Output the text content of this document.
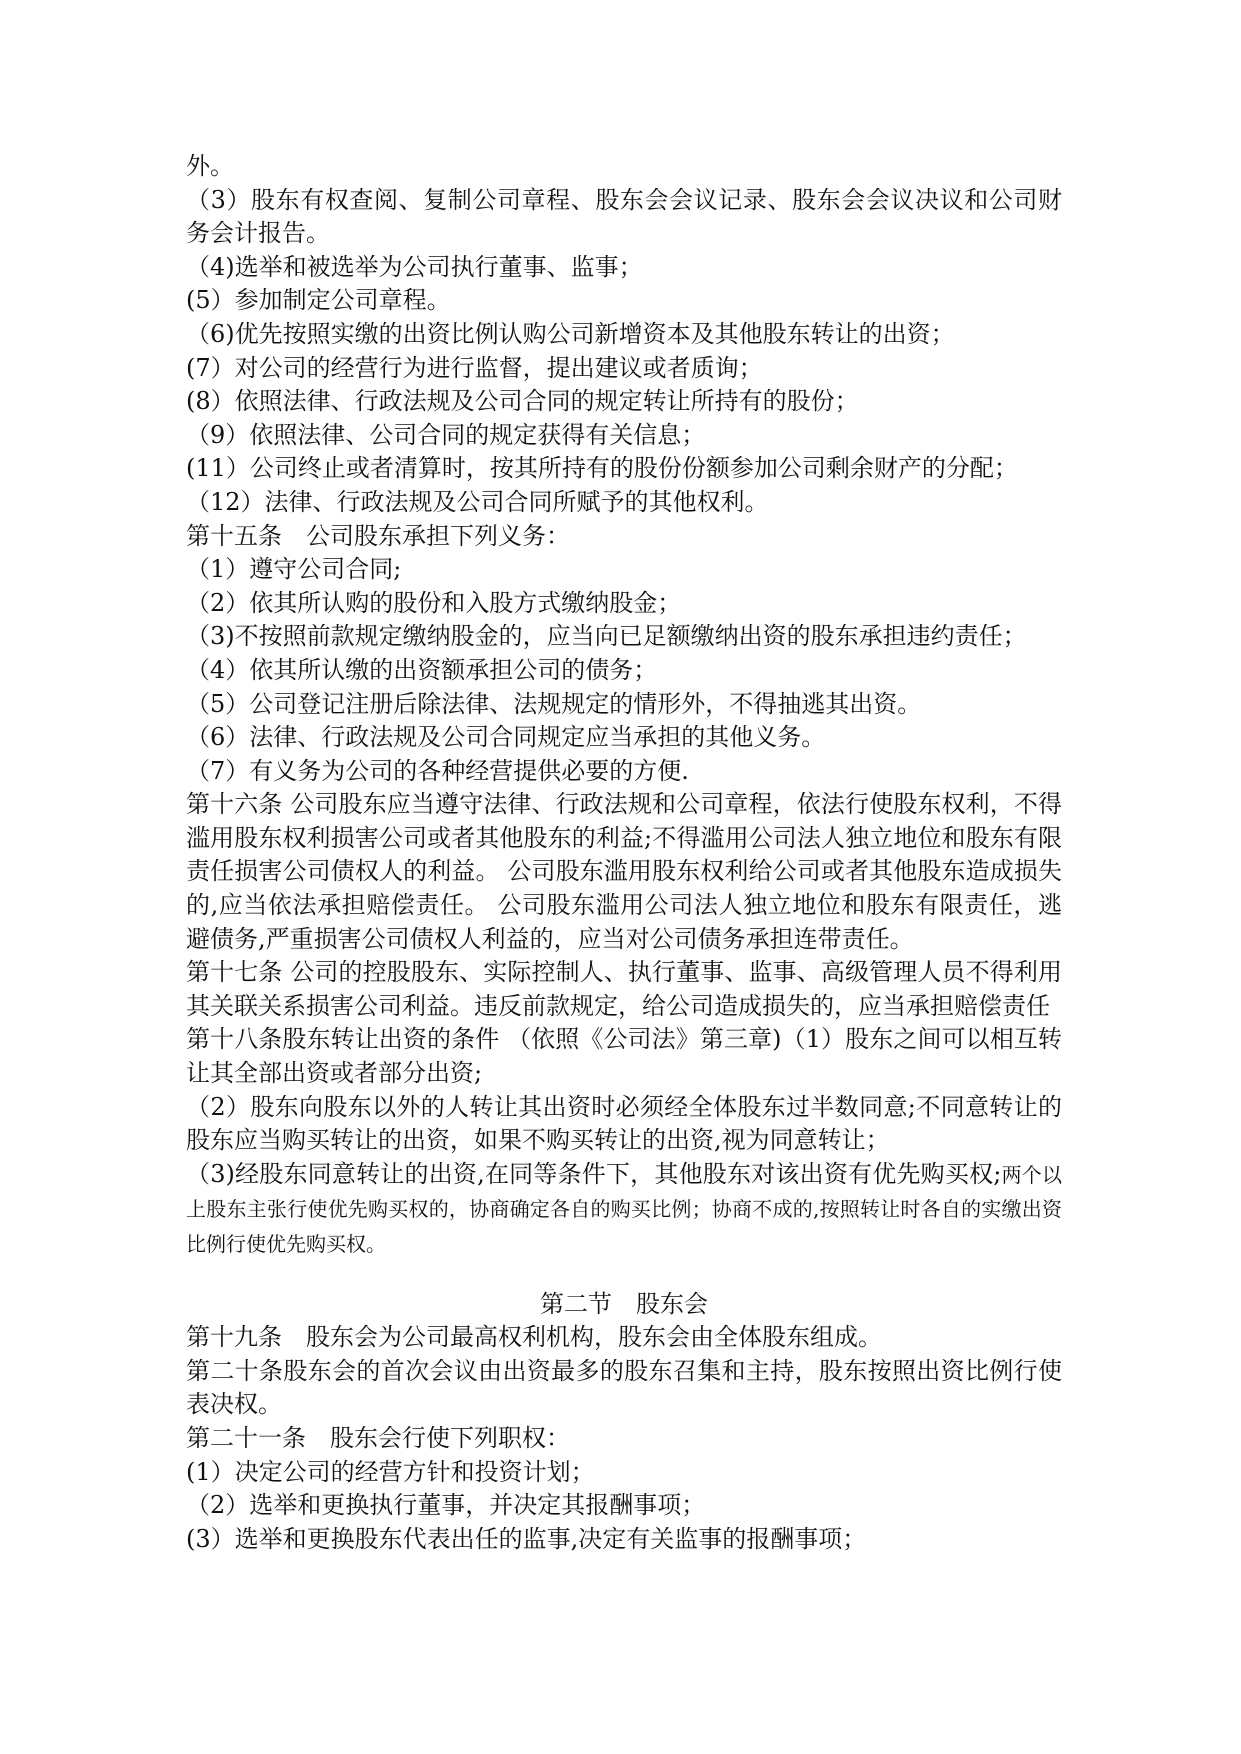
外。

（3）股东有权查阅、复制公司章程、股东会会议记录、股东会会议决议和公司财务会计报告。

（4)选举和被选举为公司执行董事、监事；

(5）参加制定公司章程。

（6)优先按照实缴的出资比例认购公司新增资本及其他股东转让的出资；

(7）对公司的经营行为进行监督，提出建议或者质询；

(8）依照法律、行政法规及公司合同的规定转让所持有的股份；

（9）依照法律、公司合同的规定获得有关信息；

(11）公司终止或者清算时，按其所持有的股份份额参加公司剩余财产的分配；

（12）法律、行政法规及公司合同所赋予的其他权利。

第十五条　公司股东承担下列义务：

（1）遵守公司合同;

（2）依其所认购的股份和入股方式缴纳股金；

（3)不按照前款规定缴纳股金的，应当向已足额缴纳出资的股东承担违约责任；

（4）依其所认缴的出资额承担公司的债务；

（5）公司登记注册后除法律、法规规定的情形外，不得抽逃其出资。

（6）法律、行政法规及公司合同规定应当承担的其他义务。

（7）有义务为公司的各种经营提供必要的方便.

第十六条 公司股东应当遵守法律、行政法规和公司章程，依法行使股东权利，不得滥用股东权利损害公司或者其他股东的利益;不得滥用公司法人独立地位和股东有限责任损害公司债权人的利益。 公司股东滥用股东权利给公司或者其他股东造成损失的,应当依法承担赔偿责任。 公司股东滥用公司法人独立地位和股东有限责任，逃避债务,严重损害公司债权人利益的，应当对公司债务承担连带责任。

第十七条 公司的控股股东、实际控制人、执行董事、监事、高级管理人员不得利用其关联关系损害公司利益。违反前款规定，给公司造成损失的，应当承担赔偿责任

第十八条股东转让出资的条件 （依照《公司法》第三章)（1）股东之间可以相互转让其全部出资或者部分出资;

（2）股东向股东以外的人转让其出资时必须经全体股东过半数同意;不同意转让的股东应当购买转让的出资，如果不购买转让的出资,视为同意转让；

（3)经股东同意转让的出资,在同等条件下，其他股东对该出资有优先购买权;两个以上股东主张行使优先购买权的，协商确定各自的购买比例；协商不成的,按照转让时各自的实缴出资比例行使优先购买权。

第二节　股东会

第十九条　股东会为公司最高权利机构，股东会由全体股东组成。

第二十条股东会的首次会议由出资最多的股东召集和主持，股东按照出资比例行使表决权。

第二十一条　股东会行使下列职权：

(1）决定公司的经营方针和投资计划；

（2）选举和更换执行董事，并决定其报酬事项；

(3）选举和更换股东代表出任的监事,决定有关监事的报酬事项；
